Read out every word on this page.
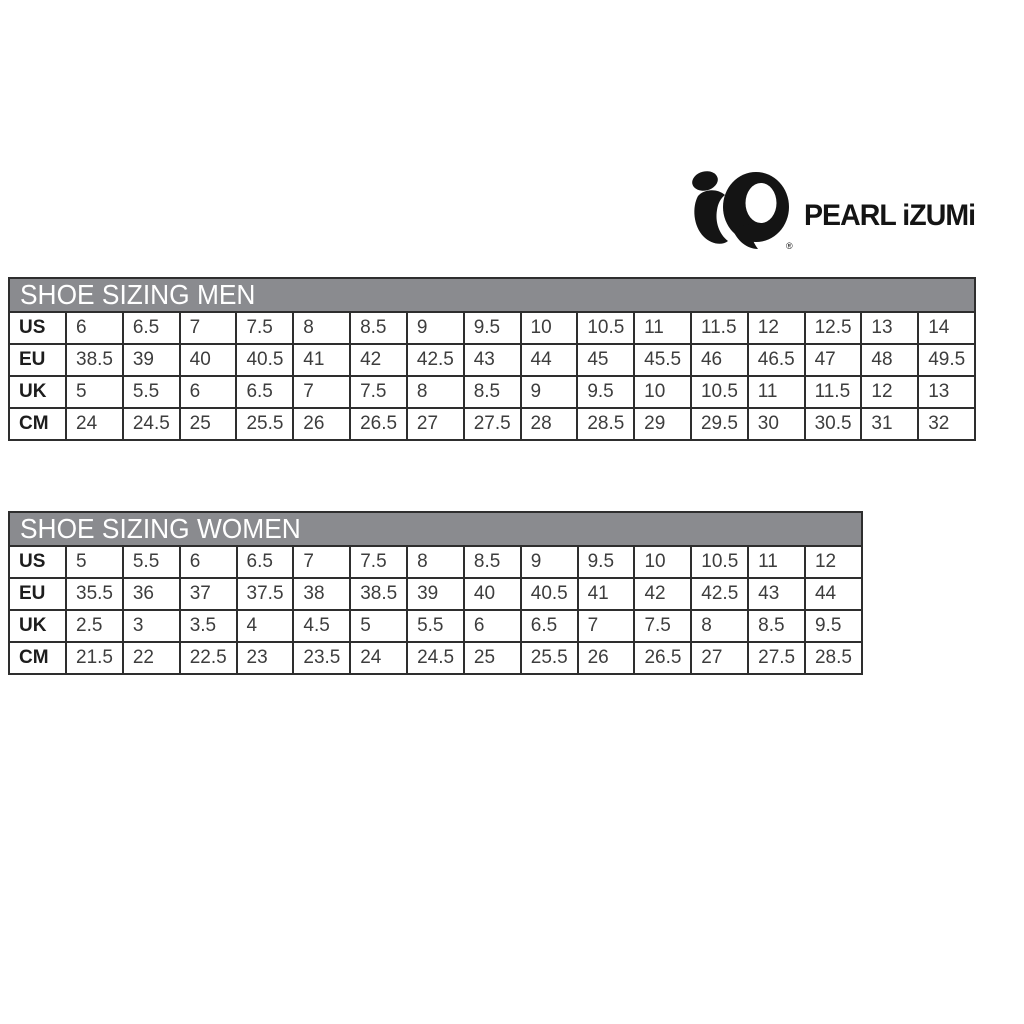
®
PEARL iZUMi
SHOE SIZING MEN
US	6	6.5	7	7.5	8	8.5	9	9.5	10	10.5	11	11.5	12	12.5	13	14
EU	38.5	39	40	40.5	41	42	42.5	43	44	45	45.5	46	46.5	47	48	49.5
UK	5	5.5	6	6.5	7	7.5	8	8.5	9	9.5	10	10.5	11	11.5	12	13
CM	24	24.5	25	25.5	26	26.5	27	27.5	28	28.5	29	29.5	30	30.5	31	32
SHOE SIZING WOMEN
US	5	5.5	6	6.5	7	7.5	8	8.5	9	9.5	10	10.5	11	12
EU	35.5	36	37	37.5	38	38.5	39	40	40.5	41	42	42.5	43	44
UK	2.5	3	3.5	4	4.5	5	5.5	6	6.5	7	7.5	8	8.5	9.5
CM	21.5	22	22.5	23	23.5	24	24.5	25	25.5	26	26.5	27	27.5	28.5
